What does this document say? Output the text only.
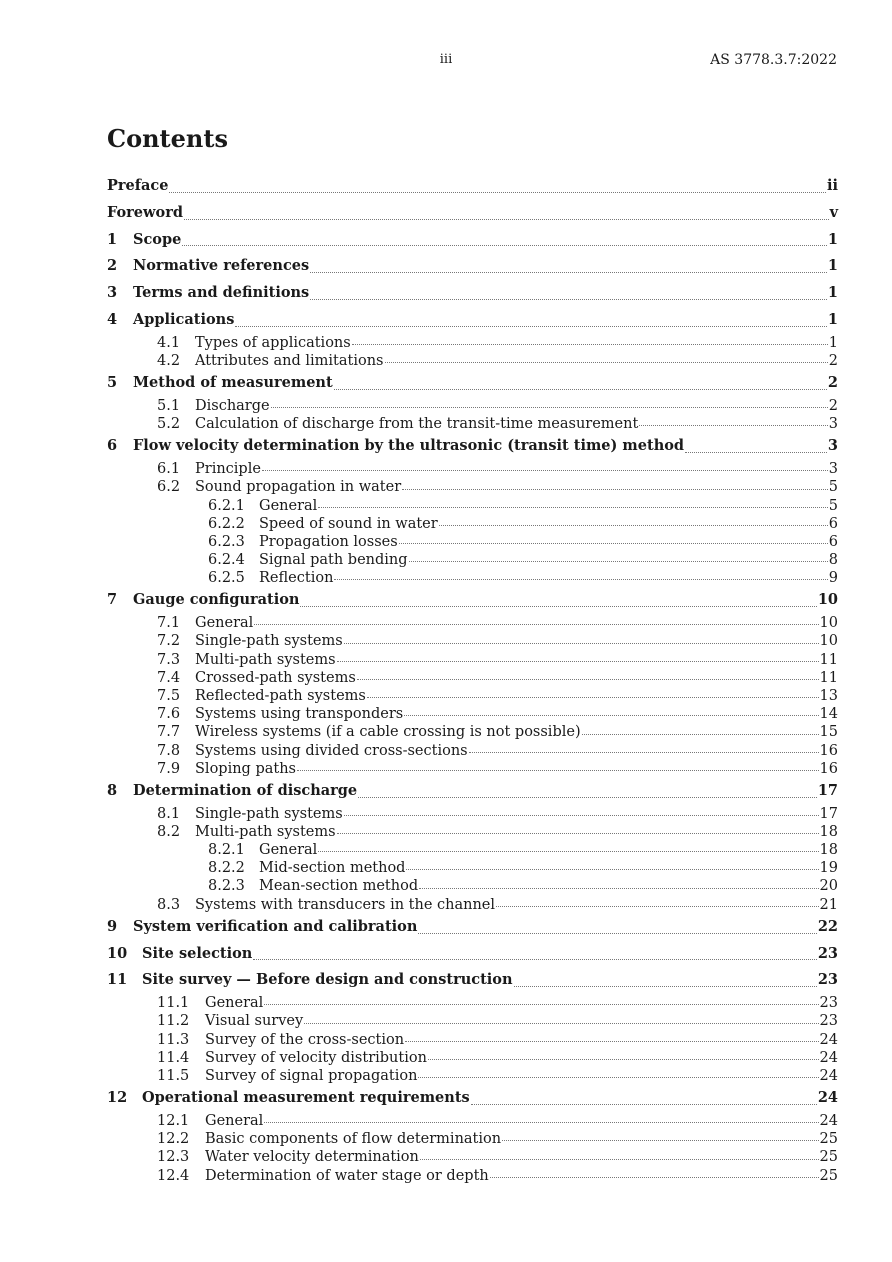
iii	AS 3778.3.7:2022
Contents
Preface	ii
Foreword	v
1	Scope	1
2	Normative references	1
3	Terms and definitions	1
4	Applications	1
4.1	Types of applications	1
4.2	Attributes and limitations	2
5	Method of measurement	2
5.1	Discharge	2
5.2	Calculation of discharge from the transit-time measurement	3
6	Flow velocity determination by the ultrasonic (transit time) method	3
6.1	Principle	3
6.2	Sound propagation in water	5
6.2.1 General	5
6.2.2 Speed of sound in water	6
6.2.3 Propagation losses	6
6.2.4 Signal path bending	8
6.2.5 Reflection	9
7	Gauge configuration	10
7.1	General	10
7.2	Single-path systems	10
7.3	Multi-path systems	11
7.4	Crossed-path systems	11
7.5	Reflected-path systems	13
7.6	Systems using transponders	14
7.7	Wireless systems (if a cable crossing is not possible)	15
7.8	Systems using divided cross-sections	16
7.9	Sloping paths	16
8	Determination of discharge	17
8.1	Single-path systems	17
8.2	Multi-path systems	18
8.2.1 General	18
8.2.2 Mid-section method	19
8.2.3 Mean-section method	20
8.3	Systems with transducers in the channel	21
9	System verification and calibration	22
10	Site selection	23
11	Site survey — Before design and construction	23
11.1	General	23
11.2	Visual survey	23
11.3	Survey of the cross-section	24
11.4	Survey of velocity distribution	24
11.5	Survey of signal propagation	24
12	Operational measurement requirements	24
12.1	General	24
12.2	Basic components of flow determination	25
12.3	Water velocity determination	25
12.4	Determination of water stage or depth	25
